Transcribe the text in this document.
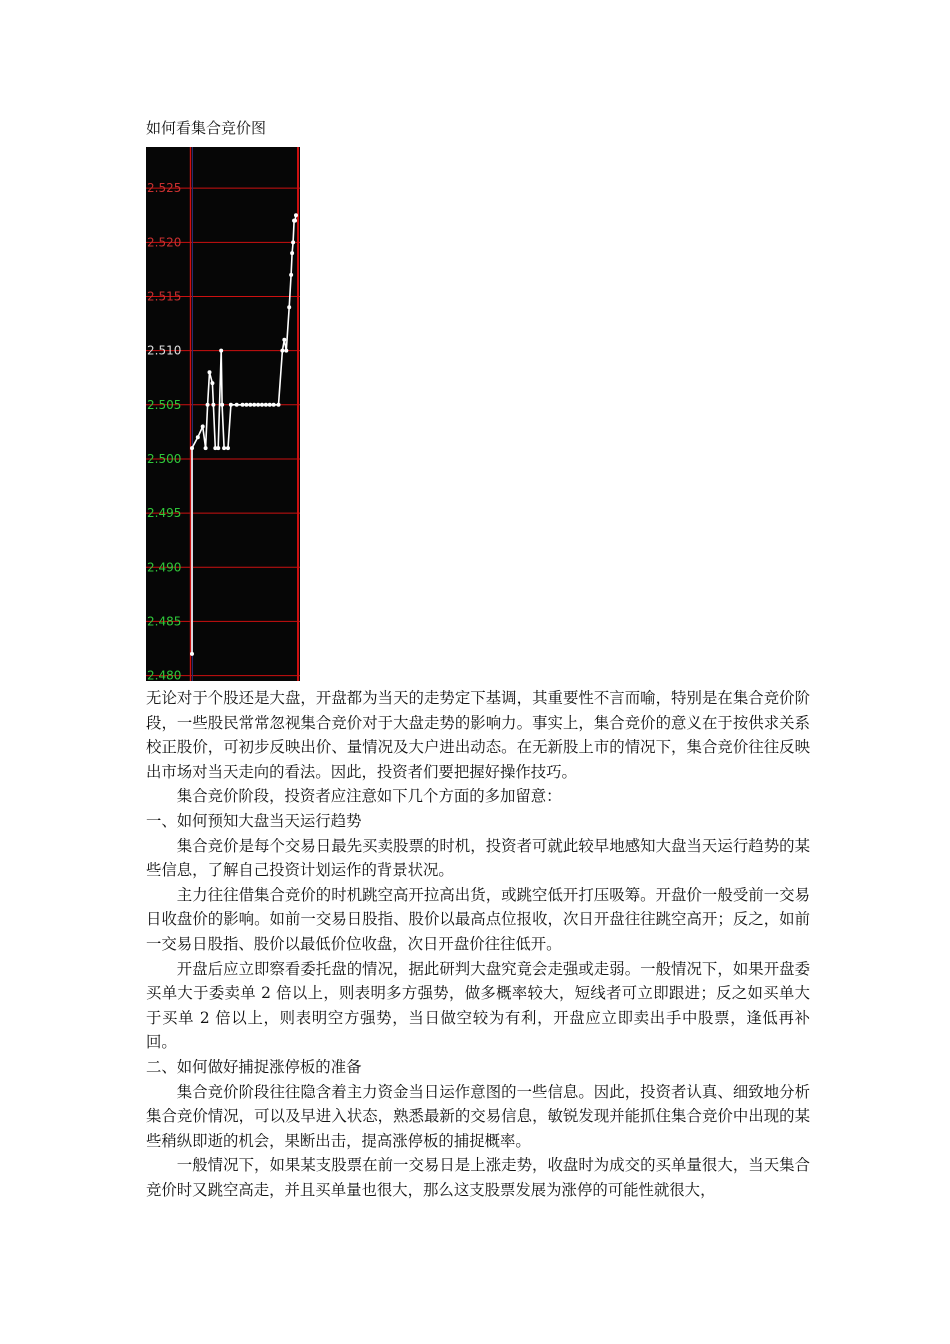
如何看集合竞价图
2.525
2.520
2.515
2.510
2.505
2.500
2.495
2.490
2.485
2.480

无论对于个股还是大盘，开盘都为当天的走势定下基调，其重要性不言而喻，特别是在集合竞价阶段，一些股民常常忽视集合竞价对于大盘走势的影响力。事实上，集合竞价的意义在于按供求关系校正股价，可初步反映出价、量情况及大户进出动态。在无新股上市的情况下，集合竞价往往反映出市场对当天走向的看法。因此，投资者们要把握好操作技巧。

集合竞价阶段，投资者应注意如下几个方面的多加留意：

一、如何预知大盘当天运行趋势

集合竞价是每个交易日最先买卖股票的时机，投资者可就此较早地感知大盘当天运行趋势的某些信息，了解自己投资计划运作的背景状况。

主力往往借集合竞价的时机跳空高开拉高出货，或跳空低开打压吸筹。开盘价一般受前一交易日收盘价的影响。如前一交易日股指、股价以最高点位报收，次日开盘往往跳空高开；反之，如前一交易日股指、股价以最低价位收盘，次日开盘价往往低开。

开盘后应立即察看委托盘的情况，据此研判大盘究竟会走强或走弱。一般情况下，如果开盘委买单大于委卖单 2 倍以上，则表明多方强势，做多概率较大，短线者可立即跟进；反之如买单大于买单 2 倍以上，则表明空方强势，当日做空较为有利，开盘应立即卖出手中股票，逢低再补回。

二、如何做好捕捉涨停板的准备

集合竞价阶段往往隐含着主力资金当日运作意图的一些信息。因此，投资者认真、细致地分析集合竞价情况，可以及早进入状态，熟悉最新的交易信息，敏锐发现并能抓住集合竞价中出现的某些稍纵即逝的机会，果断出击，提高涨停板的捕捉概率。

一般情况下，如果某支股票在前一交易日是上涨走势，收盘时为成交的买单量很大，当天集合竞价时又跳空高走，并且买单量也很大，那么这支股票发展为涨停的可能性就很大，
